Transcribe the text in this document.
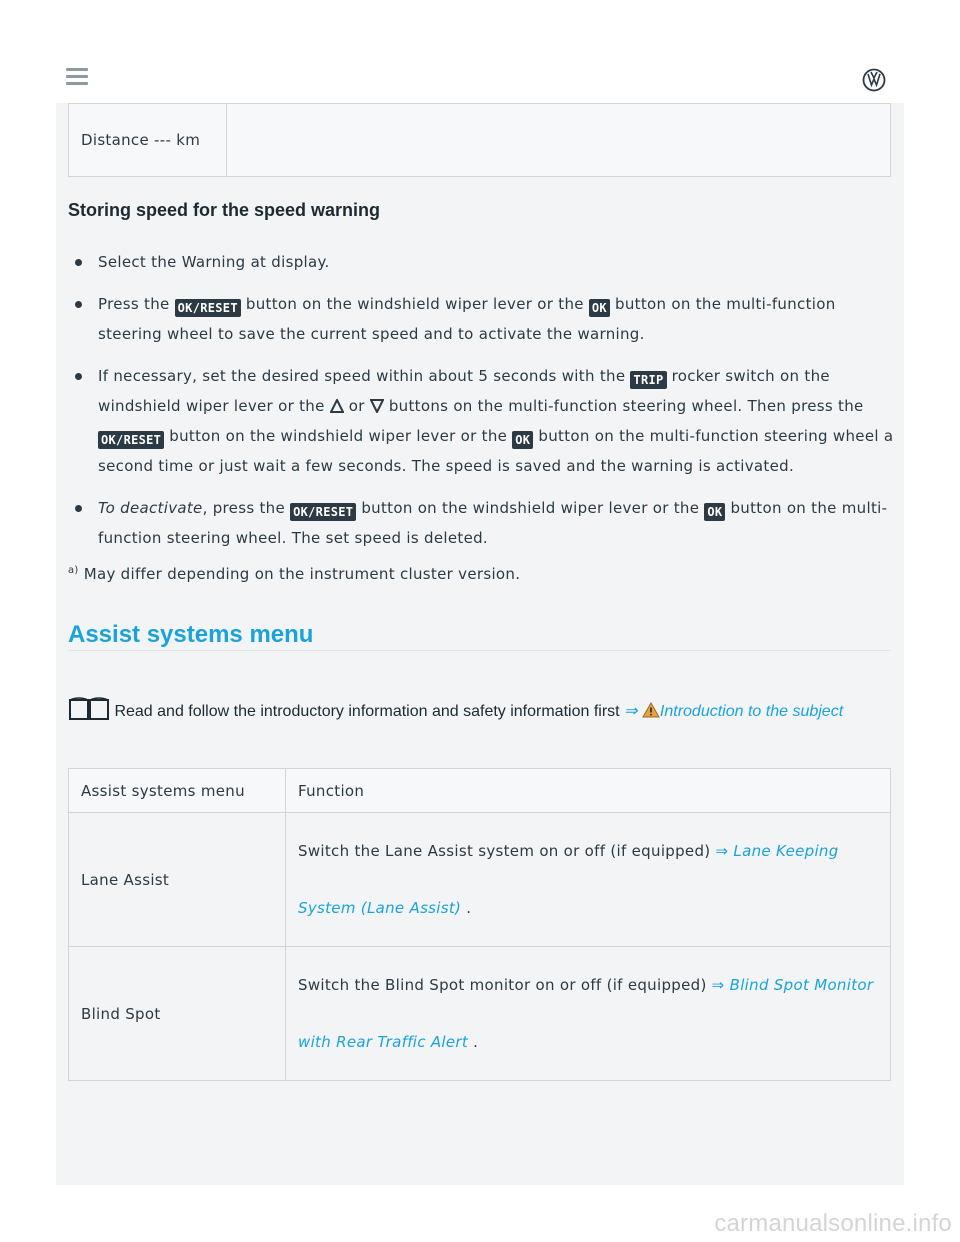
Distance --- km	
Storing speed for the speed warning
Select the Warning at display.
Press the OK/RESET button on the windshield wiper lever or the OK button on the multi-function steering wheel to save the current speed and to activate the warning.
If necessary, set the desired speed within about 5 seconds with the TRIP rocker switch on the windshield wiper lever or the  or  buttons on the multi-function steering wheel. Then press the OK/RESET button on the windshield wiper lever or the OK button on the multi-function steering wheel a second time or just wait a few seconds. The speed is saved and the warning is activated.
To deactivate, press the OK/RESET button on the windshield wiper lever or the OK button on the multi-function steering wheel. The set speed is deleted.
$^{a)}$ May differ depending on the instrument cluster version.
Assist systems menu
Read and follow the introductory information and safety information first ⇒ Introduction to the subject
Assist systems menu	Function
Lane Assist	Switch the Lane Assist system on or off (if equipped) ⇒ Lane Keeping System (Lane Assist) .
Blind Spot	Switch the Blind Spot monitor on or off (if equipped) ⇒ Blind Spot Monitor with Rear Traffic Alert .
carmanualsonline.info
